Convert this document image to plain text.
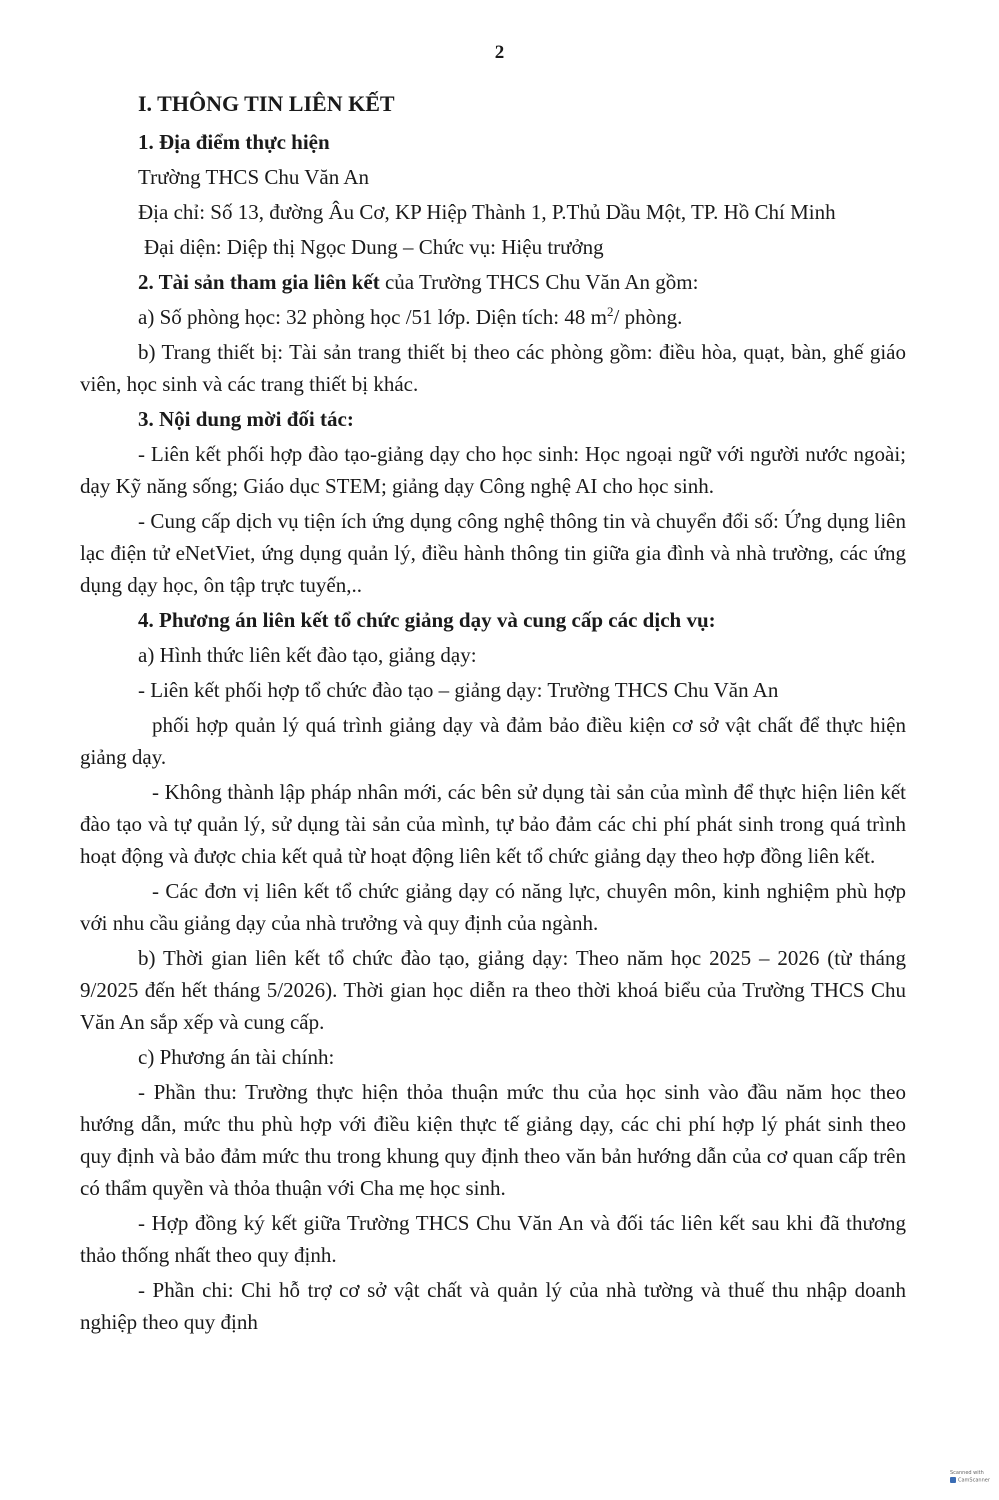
2
I. THÔNG TIN LIÊN KẾT

1. Địa điểm thực hiện

Trường THCS Chu Văn An

Địa chỉ: Số 13, đường Âu Cơ, KP Hiệp Thành 1, P.Thủ Dầu Một, TP. Hồ Chí Minh

Đại diện: Diệp thị Ngọc Dung – Chức vụ: Hiệu trưởng

2. Tài sản tham gia liên kết của Trường THCS Chu Văn An gồm:

a) Số phòng học: 32 phòng học /51 lớp. Diện tích: 48 $m^2/$ phòng.

b) Trang thiết bị: Tài sản trang thiết bị theo các phòng gồm: điều hòa, quạt, bàn, ghế giáo viên, học sinh và các trang thiết bị khác.

3. Nội dung mời đối tác:

- Liên kết phối hợp đào tạo-giảng dạy cho học sinh: Học ngoại ngữ với người nước ngoài; dạy Kỹ năng sống; Giáo dục STEM; giảng dạy Công nghệ AI cho học sinh.

- Cung cấp dịch vụ tiện ích ứng dụng công nghệ thông tin và chuyển đổi số: Ứng dụng liên lạc điện tử eNetViet, ứng dụng quản lý, điều hành thông tin giữa gia đình và nhà trường, các ứng dụng dạy học, ôn tập trực tuyến,..

4. Phương án liên kết tổ chức giảng dạy và cung cấp các dịch vụ:

a) Hình thức liên kết đào tạo, giảng dạy:

- Liên kết phối hợp tổ chức đào tạo – giảng dạy: Trường THCS Chu Văn An

phối hợp quản lý quá trình giảng dạy và đảm bảo điều kiện cơ sở vật chất để thực hiện giảng dạy.

- Không thành lập pháp nhân mới, các bên sử dụng tài sản của mình để thực hiện liên kết đào tạo và tự quản lý, sử dụng tài sản của mình, tự bảo đảm các chi phí phát sinh trong quá trình hoạt động và được chia kết quả từ hoạt động liên kết tổ chức giảng dạy theo hợp đồng liên kết.

- Các đơn vị liên kết tổ chức giảng dạy có năng lực, chuyên môn, kinh nghiệm phù hợp với nhu cầu giảng dạy của nhà trưởng và quy định của ngành.

b) Thời gian liên kết tổ chức đào tạo, giảng dạy: Theo năm học 2025 – 2026 (từ tháng 9/2025 đến hết tháng 5/2026). Thời gian học diễn ra theo thời khoá biểu của Trường THCS Chu Văn An sắp xếp và cung cấp.

c) Phương án tài chính:

- Phần thu: Trường thực hiện thỏa thuận mức thu của học sinh vào đầu năm học theo hướng dẫn, mức thu phù hợp với điều kiện thực tế giảng dạy, các chi phí hợp lý phát sinh theo quy định và bảo đảm mức thu trong khung quy định theo văn bản hướng dẫn của cơ quan cấp trên có thẩm quyền và thỏa thuận với Cha mẹ học sinh.

- Hợp đồng ký kết giữa Trường THCS Chu Văn An và đối tác liên kết sau khi đã thương thảo thống nhất theo quy định.

- Phần chi: Chi hỗ trợ cơ sở vật chất và quản lý của nhà tường và thuế thu nhập doanh nghiệp theo quy định

Scanned with
CamScanner
